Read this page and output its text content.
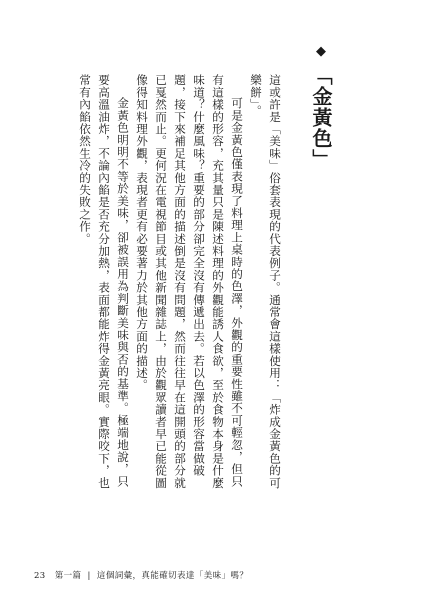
◆
「金黃色」

這或許是「美味」俗套表現的代表例子。通常會這樣使用：「炸成金黃色的可樂餅」。

可是金黃色僅表現了料理上桌時的色澤，外觀的重要性雖不可輕忽，但只有這樣的形容，充其量只是陳述料理的外觀能誘人食欲，至於食物本身是什麼味道？什麼風味？重要的部分卻完全沒有傳遞出去。若以色澤的形容當做破題，接下來補足其他方面的描述倒是沒有問題，然而往往早在這開頭的部分就已戛然而止。更何況在電視節目或其他新聞雜誌上，由於觀眾讀者早已能從圖像得知料理外觀，表現者更有必要著力於其他方面的描述。

金黃色明明不等於美味，卻被誤用為判斷美味與否的基準。極端地說，只要高溫油炸，不論內餡是否充分加熱，表面都能炸得金黃亮眼。實際咬下，也常有內餡依然生冷的失敗之作。

23 第一篇 | 這個詞彙，真能確切表達「美味」嗎？
